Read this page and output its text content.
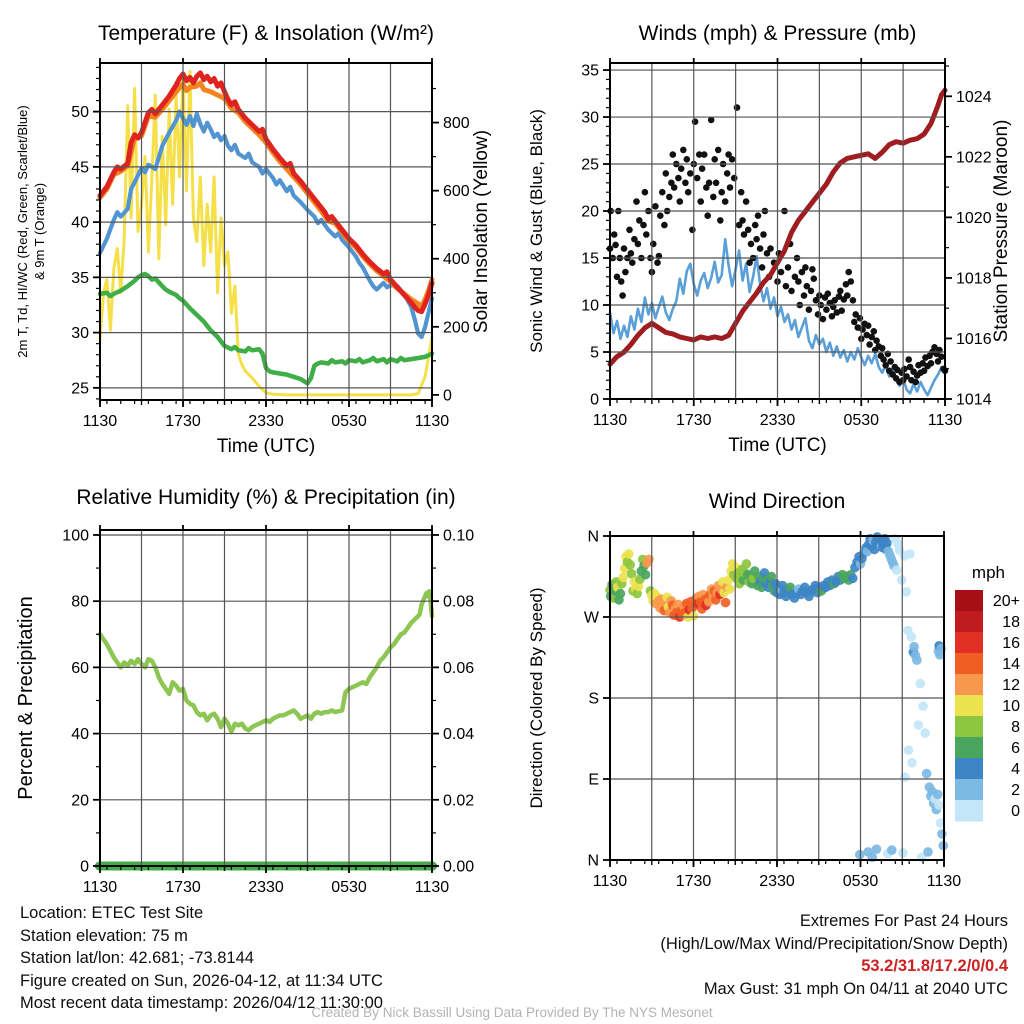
25
30
35
40
45
50
0
200
400
600
800
1130	1730	2330	0530	1130
Temperature (F) & Insolation (W/m²)
Time (UTC)
2m T, Td, HI/WC (Red, Green, Scarlet/Blue) & 9m T (Orange)	Solar Insolation (Yellow)
0
5
10
15
20
25
30
35
1014
1016
1018
1020
1022
1024
1130	1730	2330	0530	1130
Winds (mph) & Pressure (mb)
Time (UTC)
Sonic Wind & Gust (Blue, Black)	Station Pressure (Maroon)
0
20
40
60
80
100
0.00
0.02
0.04
0.06
0.08
0.10
1130	1730	2330	0530	1130
Relative Humidity (%) & Precipitation (in)
Percent & Precipitation
N
E
S
W
N
1130	1730	2330	0530	1130
Wind Direction
Direction (Colored By Speed)
mph
20+
18
16
14
12
10
8
6
4
2
0
Location: ETEC Test Site
Station elevation: 75 m
Station lat/lon: 42.681; -73.8144
Figure created on Sun, 2026-04-12, at 11:34 UTC
Most recent data timestamp: 2026/04/12 11:30:00
Extremes For Past 24 Hours
(High/Low/Max Wind/Precipitation/Snow Depth)
53.2/31.8/17.2/0/0.4
Max Gust: 31 mph On 04/11 at 2040 UTC
Created By Nick Bassill Using Data Provided By The NYS Mesonet
